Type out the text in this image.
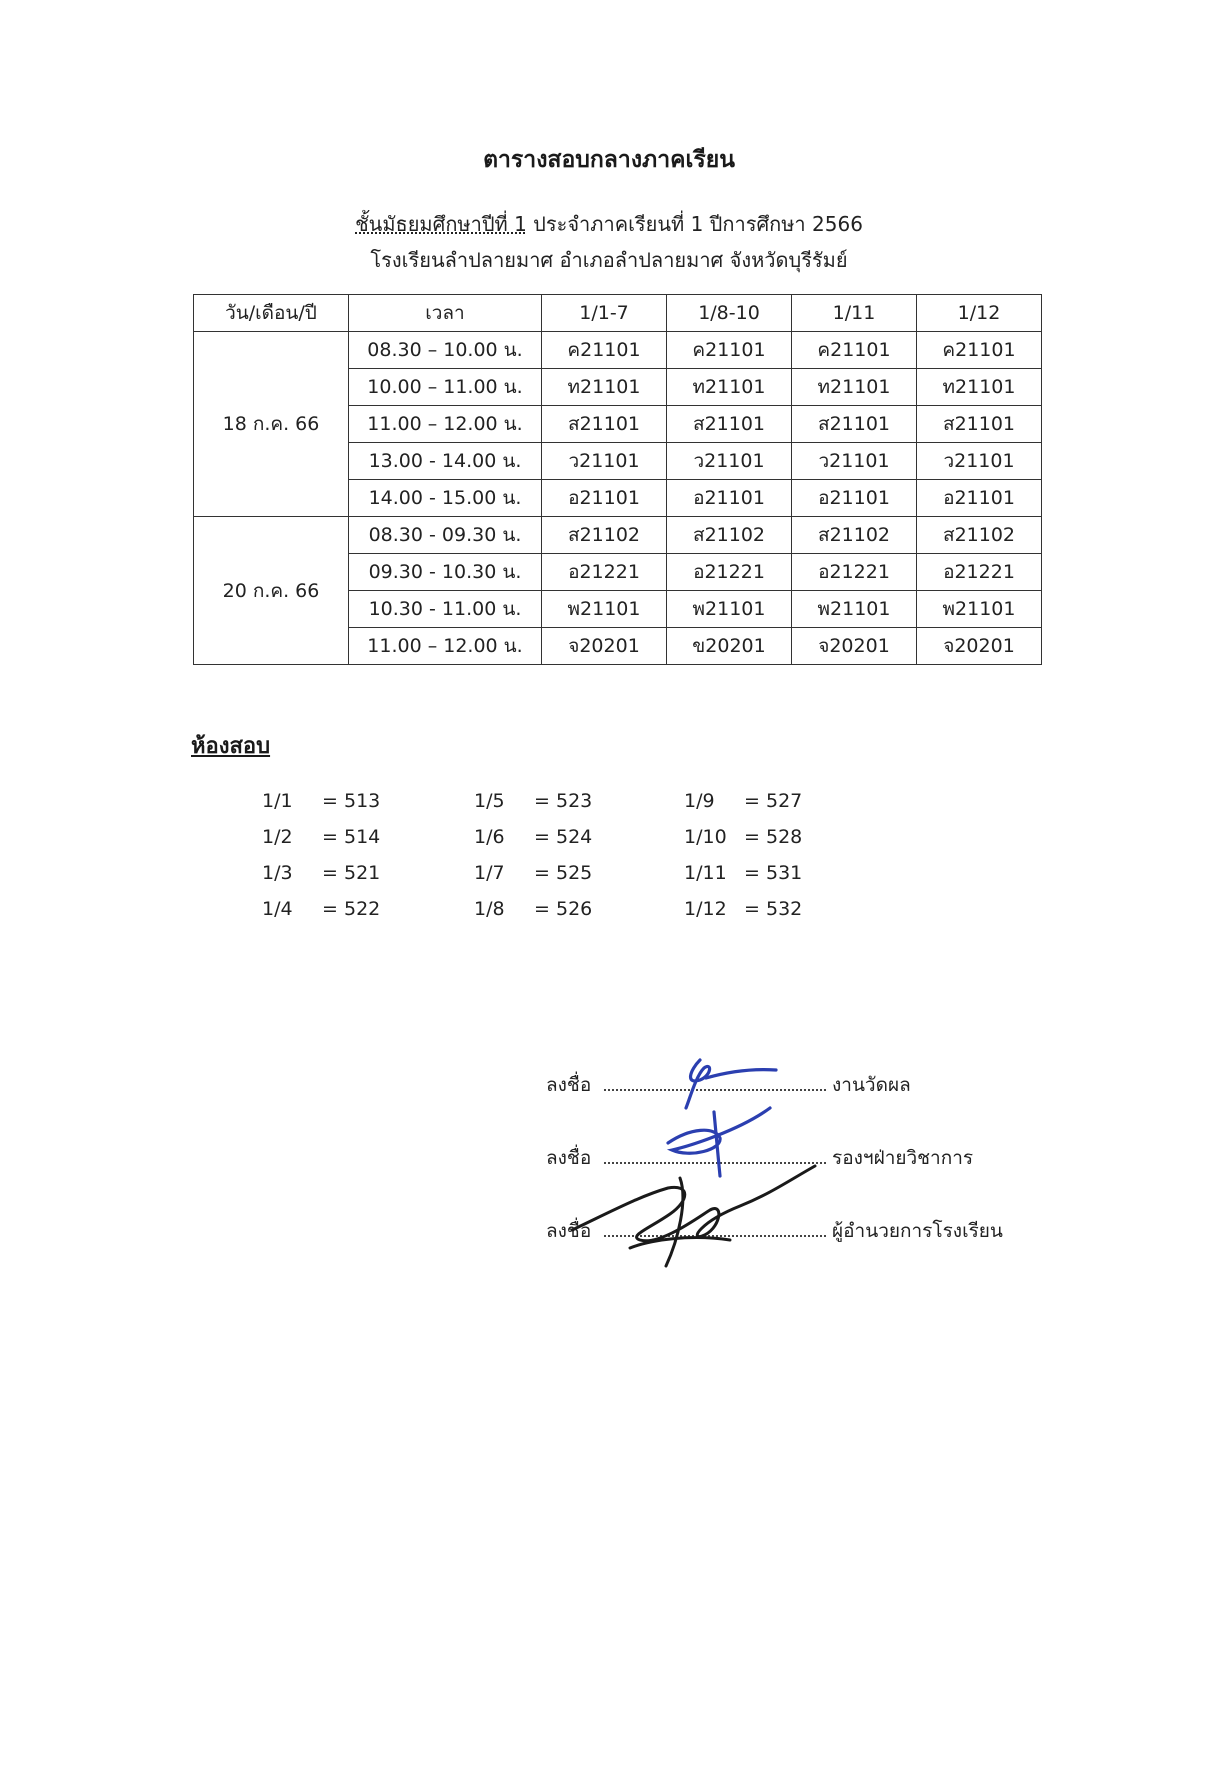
ตารางสอบกลางภาคเรียน
ชั้นมัธยมศึกษาปีที่ 1 ประจำภาคเรียนที่ 1 ปีการศึกษา 2566
โรงเรียนลำปลายมาศ อำเภอลำปลายมาศ จังหวัดบุรีรัมย์
วัน/เดือน/ปี	เวลา	1/1-7	1/8-10	1/11	1/12
18 ก.ค. 66	08.30 – 10.00 น.	ค21101	ค21101	ค21101	ค21101
	10.00 – 11.00 น.	ท21101	ท21101	ท21101	ท21101
	11.00 – 12.00 น.	ส21101	ส21101	ส21101	ส21101
	13.00 - 14.00 น.	ว21101	ว21101	ว21101	ว21101
	14.00 - 15.00 น.	อ21101	อ21101	อ21101	อ21101
20 ก.ค. 66	08.30 - 09.30 น.	ส21102	ส21102	ส21102	ส21102
	09.30 - 10.30 น.	อ21221	อ21221	อ21221	อ21221
	10.30 - 11.00 น.	พ21101	พ21101	พ21101	พ21101
	11.00 – 12.00 น.	จ20201	ข20201	จ20201	จ20201
ห้องสอบ
1/1	= 513
1/2	= 514
1/3	= 521
1/4	= 522
1/5	= 523
1/6	= 524
1/7	= 525
1/8	= 526
1/9	= 527
1/10 = 528
1/11 = 531
1/12 = 532
ลงชื่อ	งานวัดผล
ลงชื่อ	รองฯฝ่ายวิชาการ
ลงชื่อ	ผู้อำนวยการโรงเรียน
